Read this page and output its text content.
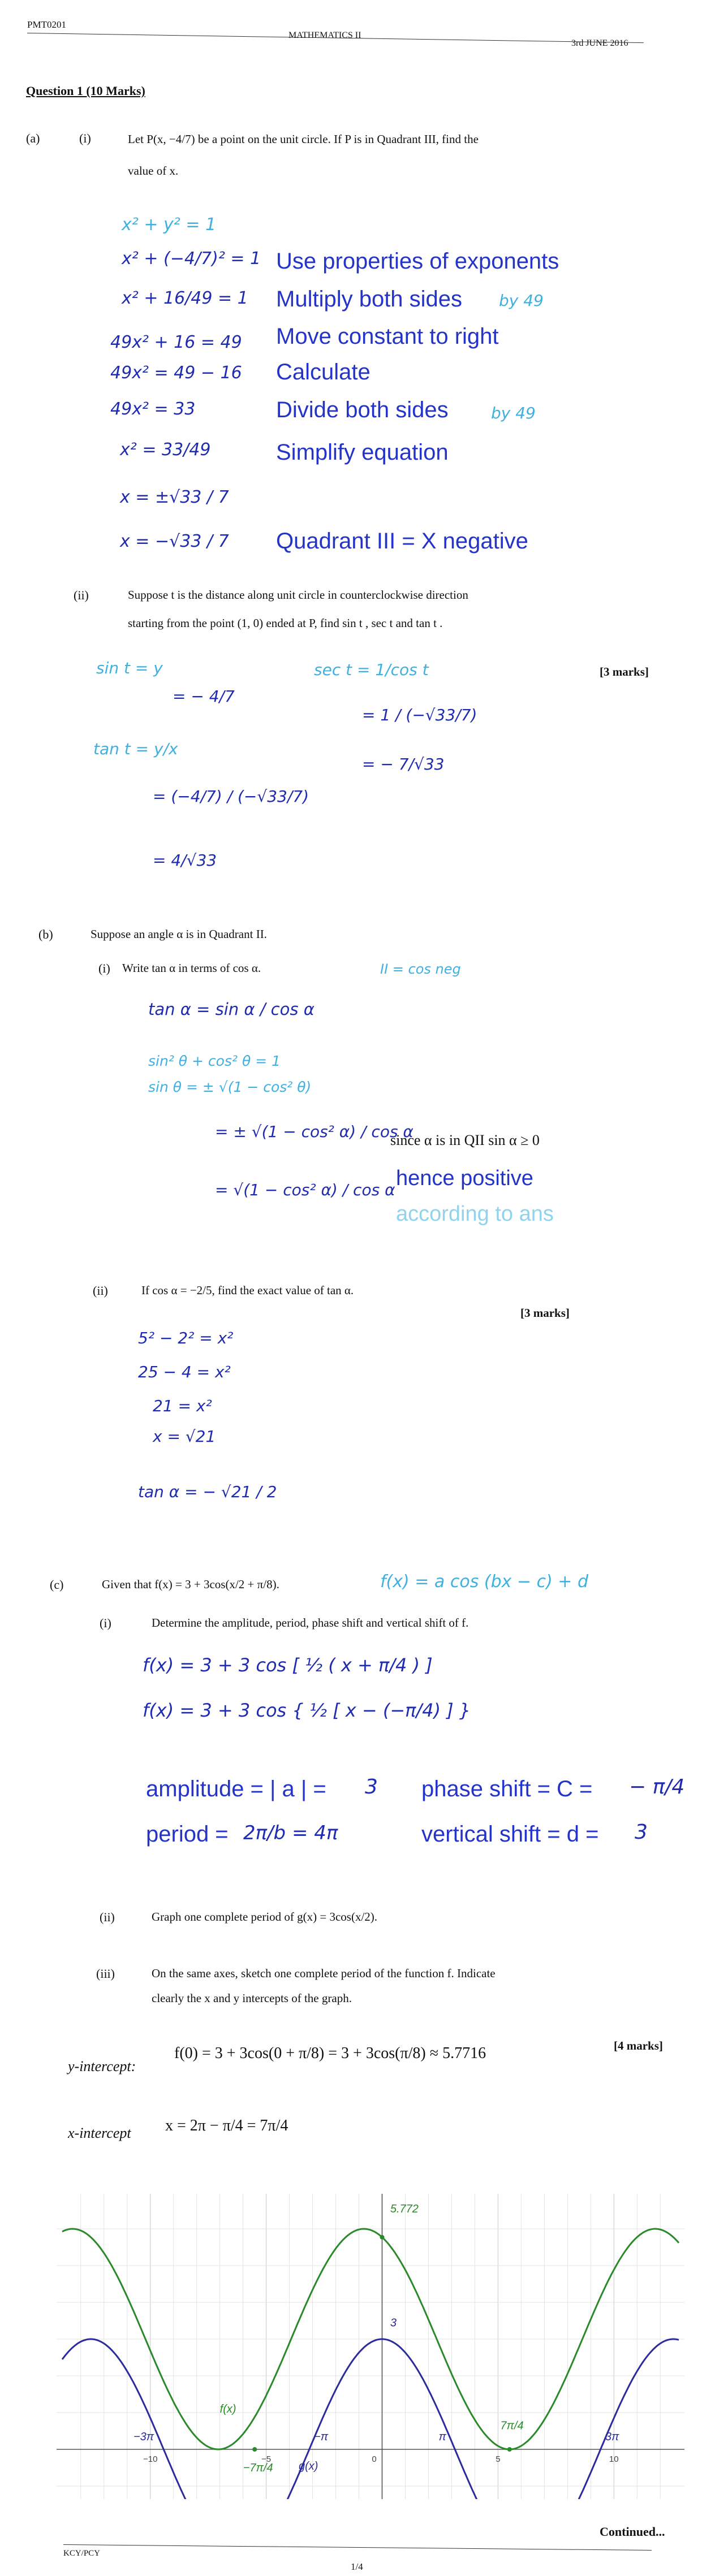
PMT0201
MATHEMATICS II
3rd JUNE 2016
Question 1 (10 Marks)
(a)	(i)	Let P(x, −4/7) be a point on the unit circle. If P is in Quadrant III, find the
value of x.
x² + y² = 1
x² + (−4/7)² = 1 Use properties of exponents
x² + 16/49 = 1 Multiply both sides by 49
49x² + 16 = 49 Move constant to right
49x² = 49 − 16 Calculate
49x² = 33	Divide both sides	by 49
x² = 33/49	Simplify equation
x = ±√33 / 7
x = −√33 / 7 Quadrant III = X negative
(ii)	Suppose t is the distance along unit circle in counterclockwise direction
starting from the point (1, 0) ended at P, find sin t , sec t and tan t .
[3 marks]
sin t = y
= − 4/7
sec t = 1/cos t
= 1 / (−√33/7)
= − 7/√33
tan t = y/x
= (−4/7) / (−√33/7)
= 4/√33
(b)	Suppose an angle α is in Quadrant II.
(i) Write tan α in terms of cos α.	II = cos neg
tan α = sin α / cos α
sin² θ + cos² θ = 1
sin θ = ± √(1 − cos² θ)
= ± √(1 − cos² α) / cos α
= √(1 − cos² α) / cos α
since α is in QII sin α ≥ 0
hence positive
according to ans
(ii)	If cos α = −2/5, find the exact value of tan α.
[3 marks]
5² − 2² = x²
25 − 4 = x²
21 = x²
x = √21
tan α = − √21 / 2
(c)	Given that f(x) = 3 + 3cos(x/2 + π/8).	f(x) = a cos (bx − c) + d
(i)	Determine the amplitude, period, phase shift and vertical shift of f.
f(x) = 3 + 3 cos [ ½ ( x + π/4 ) ]
f(x) = 3 + 3 cos { ½ [ x − (−π/4) ] }
amplitude = | a | = 3 phase shift = C = − π/4
period = 2π/b = 4π	vertical shift = d = 3
(ii)	Graph one complete period of g(x) = 3cos(x/2).
(iii)	On the same axes, sketch one complete period of the function f. Indicate
clearly the x and y intercepts of the graph.
[4 marks]
y-intercept:
f(0) = 3 + 3cos(0 + π/8) = 3 + 3cos(π/8) ≈ 5.7716
x-intercept x = 2π − π/4 = 7π/4
−10	−5	0	5	10
5.772
3
−3π	−π	π	3π
−7π/4
7π/4
f(x)
g(x)
Continued...
KCY/PCY
1/4
